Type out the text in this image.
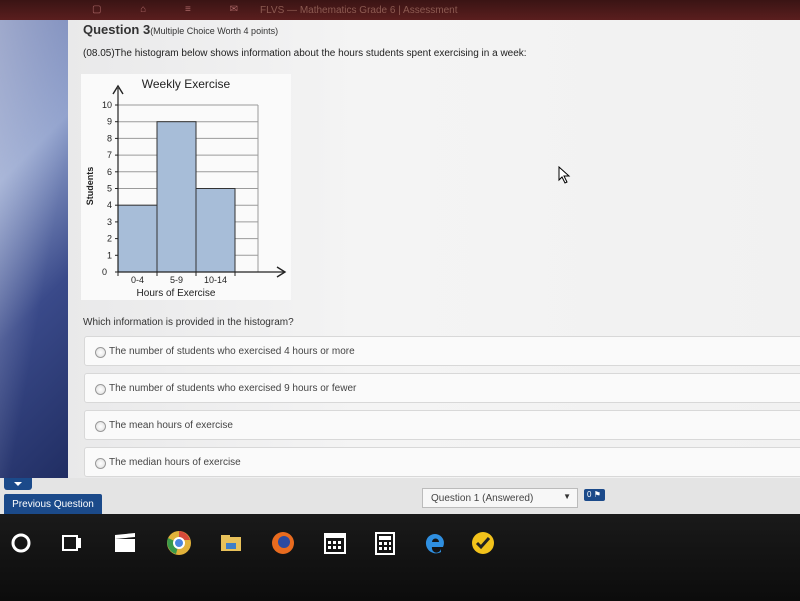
▢ ⌂ ≡ ✉ FLVS — Mathematics Grade 6 | Assessment
Question 3(Multiple Choice Worth 4 points)
(08.05)The histogram below shows information about the hours students spent exercising in a week:
Weekly Exercise
0
1
2
3
4
5
6
7
8
9
10
0-4	5-9 10-14
Hours of Exercise
Students
Which information is provided in the histogram?
The number of students who exercised 4 hours or more
The number of students who exercised 9 hours or fewer
The mean hours of exercise
The median hours of exercise
Previous Question
Question 1 (Answered)	▼	0 ⚑
